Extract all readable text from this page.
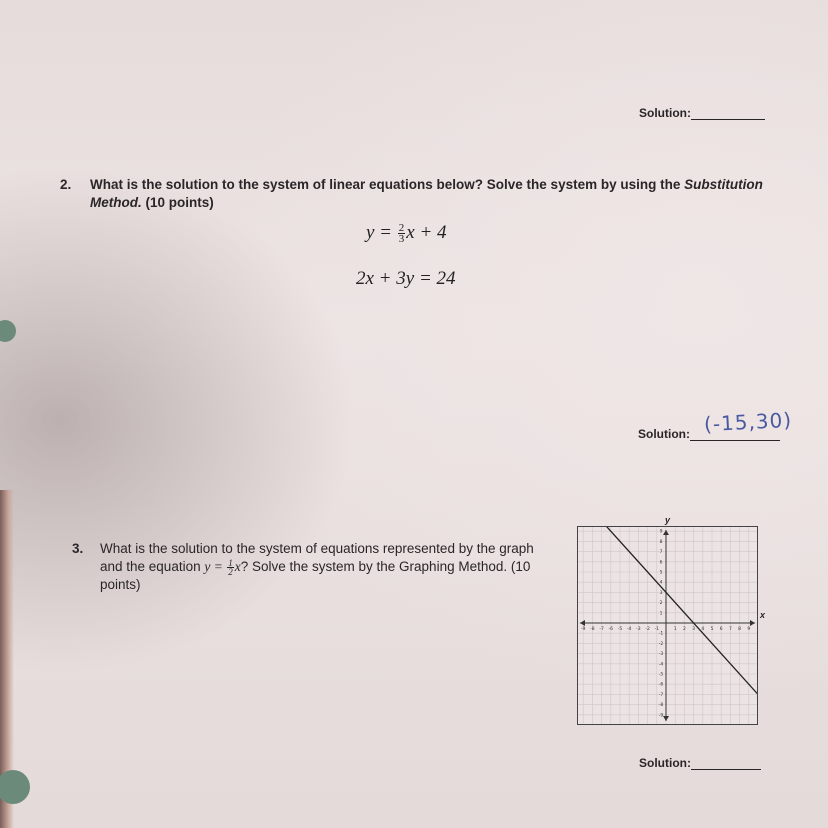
Solution:
2. What is the solution to the system of linear equations below? Solve the system by using the Substitution Method. (10 points)
$y = \frac{2}{3}$ x + 4
2x + 3y = 24
Solution: (-15,30)
3. What is the solution to the system of equations represented by the graph and the equation $y = \frac{1}{2} x$? Solve the system by the Graphing Method. (10 points)
y
x
-9 -8 -7 -6 -5 -4 -3 -2 -1	1 2 3 4 5 6 7 8 9
9
8
7
6
5
4
3
2
1
-1
-2
-3
-4
-5
-6
-7
-8
-9
Solution:
